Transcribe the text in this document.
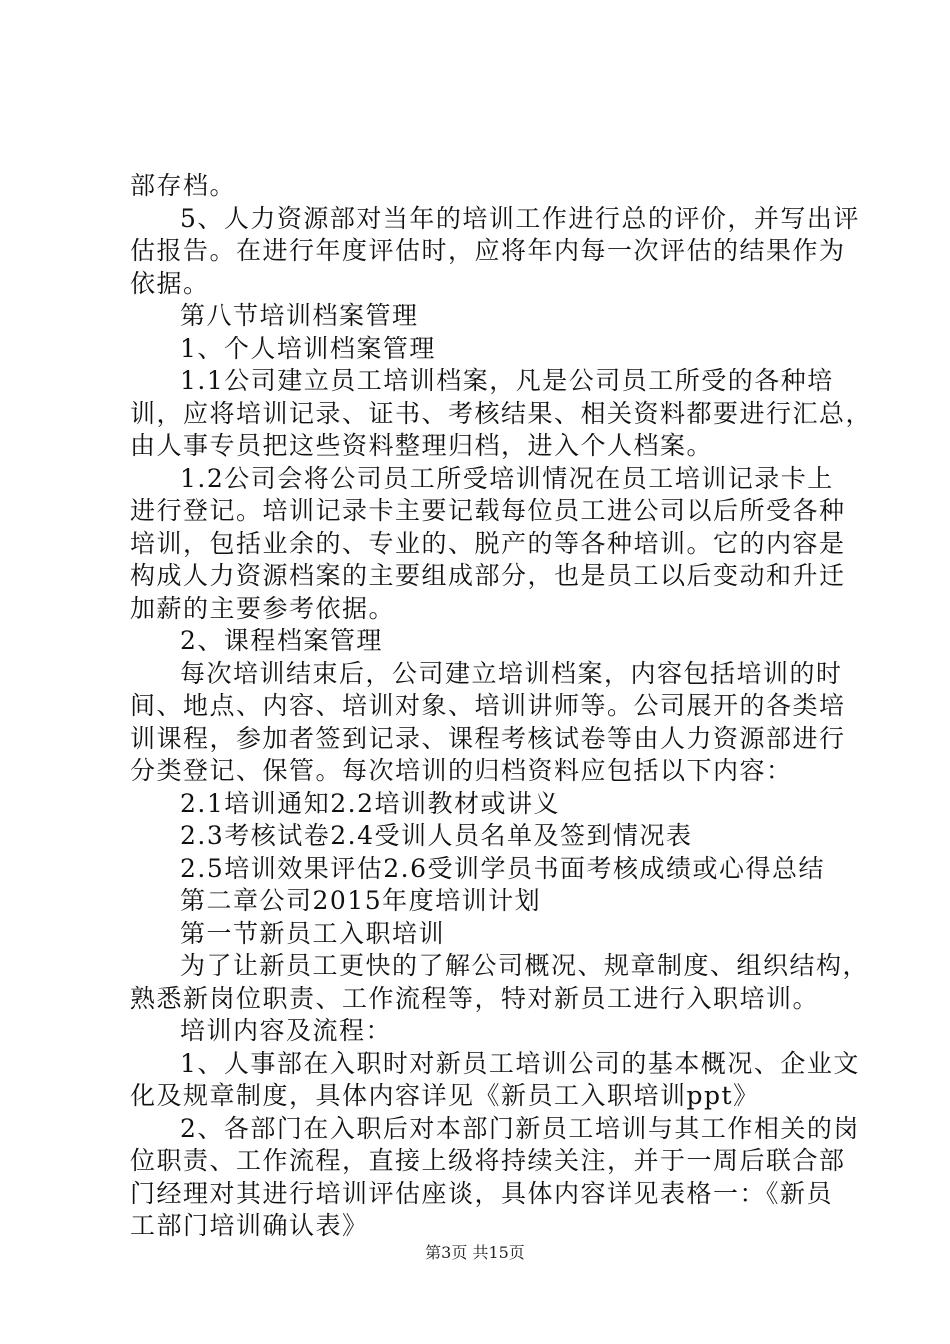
部存档。
5、人力资源部对当年的培训工作进行总的评价，并写出评
估报告。在进行年度评估时，应将年内每一次评估的结果作为
依据。
第八节培训档案管理
1、个人培训档案管理
1.1公司建立员工培训档案，凡是公司员工所受的各种培
训，应将培训记录、证书、考核结果、相关资料都要进行汇总，
由人事专员把这些资料整理归档，进入个人档案。
1.2公司会将公司员工所受培训情况在员工培训记录卡上
进行登记。培训记录卡主要记载每位员工进公司以后所受各种
培训，包括业余的、专业的、脱产的等各种培训。它的内容是
构成人力资源档案的主要组成部分，也是员工以后变动和升迁
加薪的主要参考依据。
2、课程档案管理
每次培训结束后，公司建立培训档案，内容包括培训的时
间、地点、内容、培训对象、培训讲师等。公司展开的各类培
训课程，参加者签到记录、课程考核试卷等由人力资源部进行
分类登记、保管。每次培训的归档资料应包括以下内容：
2.1培训通知2.2培训教材或讲义
2.3考核试卷2.4受训人员名单及签到情况表
2.5培训效果评估2.6受训学员书面考核成绩或心得总结
第二章公司2015年度培训计划
第一节新员工入职培训
为了让新员工更快的了解公司概况、规章制度、组织结构，
熟悉新岗位职责、工作流程等，特对新员工进行入职培训。
培训内容及流程：
1、人事部在入职时对新员工培训公司的基本概况、企业文
化及规章制度，具体内容详见《新员工入职培训ppt》
2、各部门在入职后对本部门新员工培训与其工作相关的岗
位职责、工作流程，直接上级将持续关注，并于一周后联合部
门经理对其进行培训评估座谈，具体内容详见表格一：《新员
工部门培训确认表》
第3页 共15页
